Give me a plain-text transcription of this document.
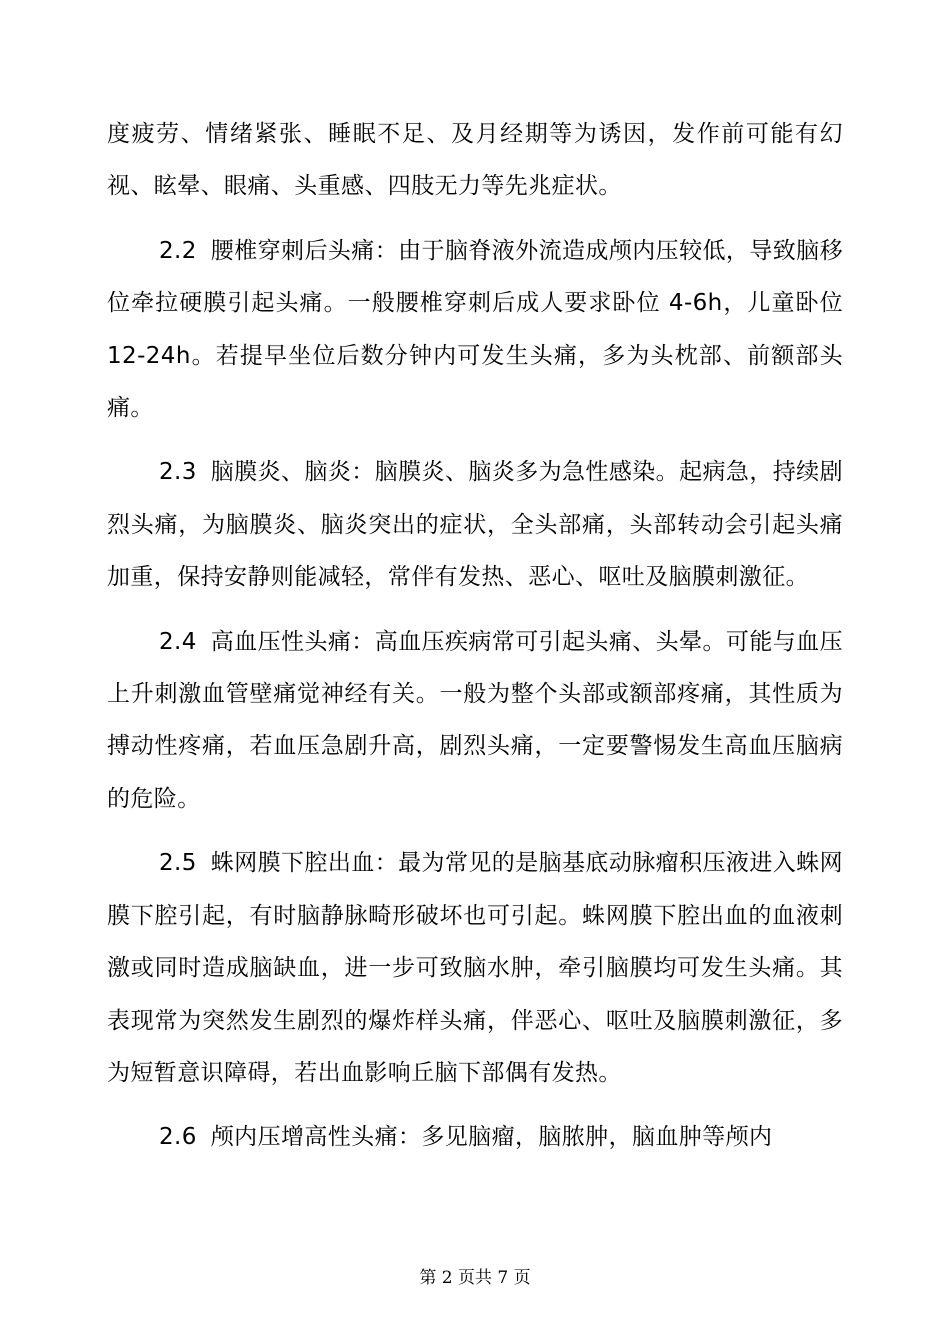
度疲劳、情绪紧张、睡眠不足、及月经期等为诱因，发作前可能有幻视、眩晕、眼痛、头重感、四肢无力等先兆症状。

2.2 腰椎穿刺后头痛：由于脑脊液外流造成颅内压较低，导致脑移位牵拉硬膜引起头痛。一般腰椎穿刺后成人要求卧位 4-6h，儿童卧位 12-24h。若提早坐位后数分钟内可发生头痛，多为头枕部、前额部头痛。

2.3 脑膜炎、脑炎：脑膜炎、脑炎多为急性感染。起病急，持续剧烈头痛，为脑膜炎、脑炎突出的症状，全头部痛，头部转动会引起头痛加重，保持安静则能减轻，常伴有发热、恶心、呕吐及脑膜刺激征。

2.4 高血压性头痛：高血压疾病常可引起头痛、头晕。可能与血压上升刺激血管壁痛觉神经有关。一般为整个头部或额部疼痛，其性质为搏动性疼痛，若血压急剧升高，剧烈头痛，一定要警惕发生高血压脑病的危险。

2.5 蛛网膜下腔出血：最为常见的是脑基底动脉瘤积压液进入蛛网膜下腔引起，有时脑静脉畸形破坏也可引起。蛛网膜下腔出血的血液刺激或同时造成脑缺血，进一步可致脑水肿，牵引脑膜均可发生头痛。其表现常为突然发生剧烈的爆炸样头痛，伴恶心、呕吐及脑膜刺激征，多为短暂意识障碍，若出血影响丘脑下部偶有发热。

2.6 颅内压增高性头痛：多见脑瘤，脑脓肿，脑血肿等颅内

第 2 页共 7 页
